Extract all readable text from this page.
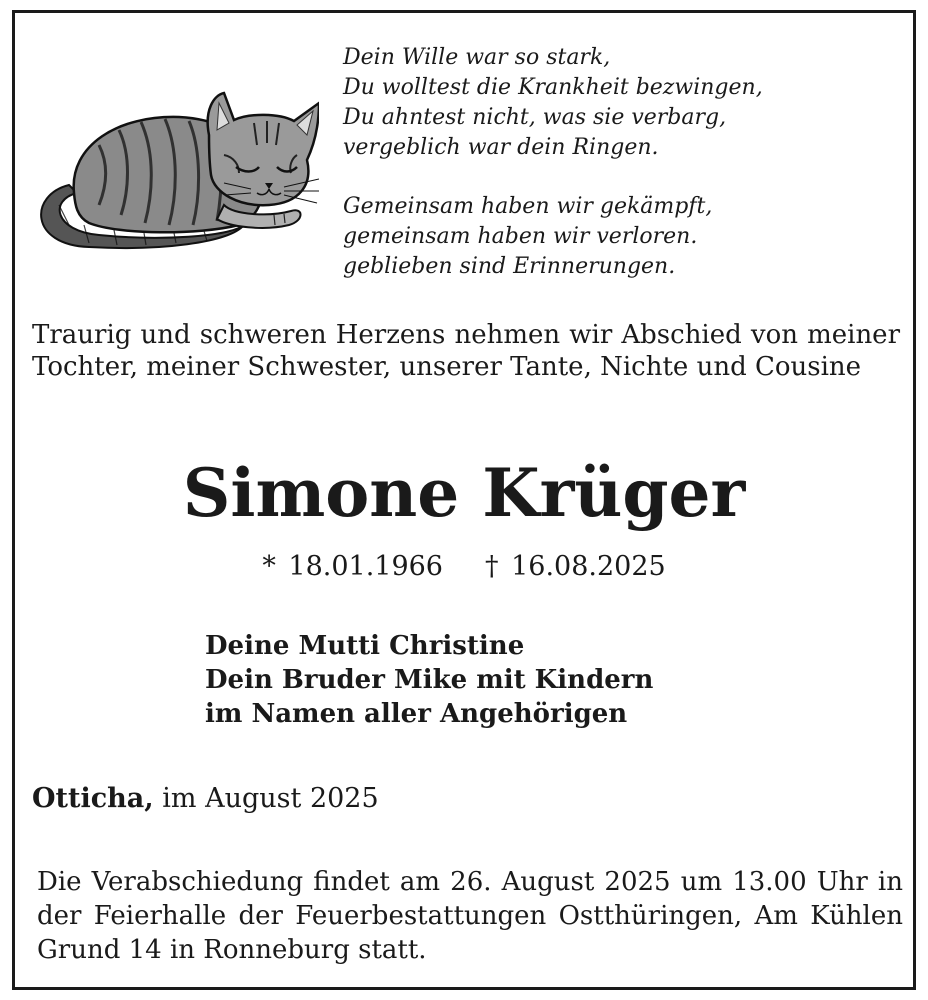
Dein Wille war so stark,
Du wolltest die Krankheit bezwingen,
Du ahntest nicht, was sie verbarg,
vergeblich war dein Ringen.
Gemeinsam haben wir gekämpft,
gemeinsam haben wir verloren.
geblieben sind Erinnerungen.
Traurig und schweren Herzens nehmen wir Abschied von meiner Tochter, meiner Schwester, unserer Tante, Nichte und Cousine
Simone Krüger
* 18.01.1966 † 16.08.2025
Deine Mutti Christine
Dein Bruder Mike mit Kindern
im Namen aller Angehörigen
Otticha, im August 2025
Die Verabschiedung findet am 26. August 2025 um 13.00 Uhr in der Feierhalle der Feuerbestattungen Ostthüringen, Am Kühlen Grund 14 in Ronneburg statt.
